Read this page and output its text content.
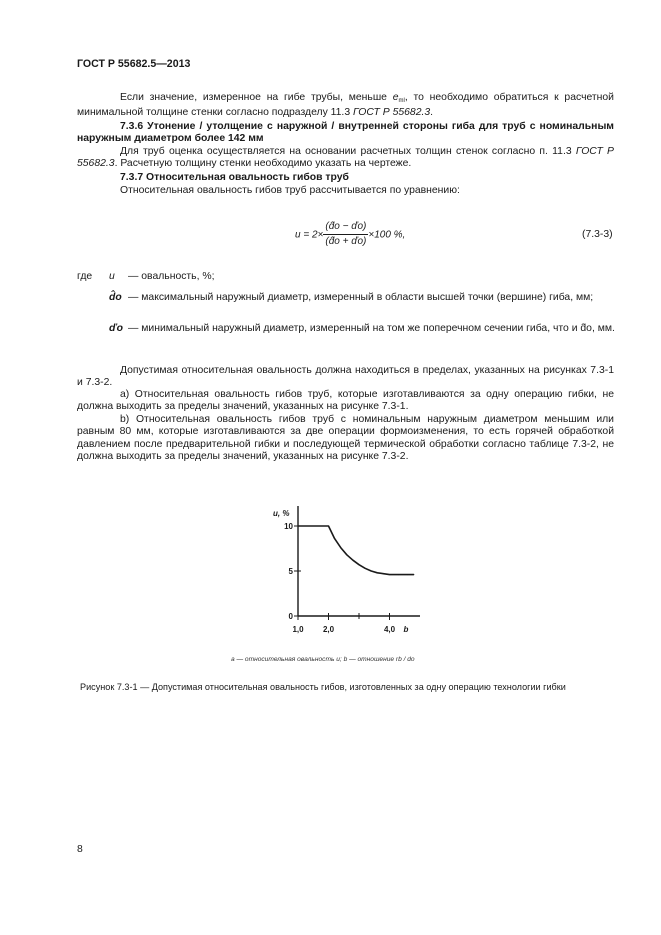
ГОСТ Р 55682.5—2013
Если значение, измеренное на гибе трубы, меньше $e_{ml}$, то необходимо обратиться к расчетной минимальной толщине стенки согласно подразделу 11.3 ГОСТ Р 55682.3.
7.3.6 Утонение / утолщение с наружной / внутренней стороны гиба для труб с номинальным наружным диаметром более 142 мм
Для труб оценка осуществляется на основании расчетных толщин стенок согласно п. 11.3 ГОСТ Р 55682.3. Расчетную толщину стенки необходимо указать на чертеже.
7.3.7 Относительная овальность гибов труб
Относительная овальность гибов труб рассчитывается по уравнению:
$u = 2\times \frac{(d̂o - ďo)}{(d̂o + ďo)} \times 100$ %,	(7.3-3)
где u — овальность, %;
d̂o — максимальный наружный диаметр, измеренный в области высшей точки (вершине) гиба, мм;
ďo — минимальный наружный диаметр, измеренный на том же поперечном сечении гиба, что и d̂o, мм.
Допустимая относительная овальность должна находиться в пределах, указанных на рисунках 7.3-1 и 7.3-2.
а) Относительная овальность гибов труб, которые изготавливаются за одну операцию гибки, не должна выходить за пределы значений, указанных на рисунке 7.3-1.
b) Относительная овальность гибов труб с номинальным наружным диаметром меньшим или равным 80 мм, которые изготавливаются за две операции формоизменения, то есть горячей обработкой давлением после предварительной гибки и последующей термической обработки согласно таблице 7.3-2, не должна выходить за пределы значений, указанных на рисунке 7.3-2.
u, %
0
5
10
1,0 2,0	4,0 b
a — относительная овальность u; b — отношение rb / do
Рисунок 7.3-1 — Допустимая относительная овальность гибов, изготовленных за одну операцию технологии гибки
8
